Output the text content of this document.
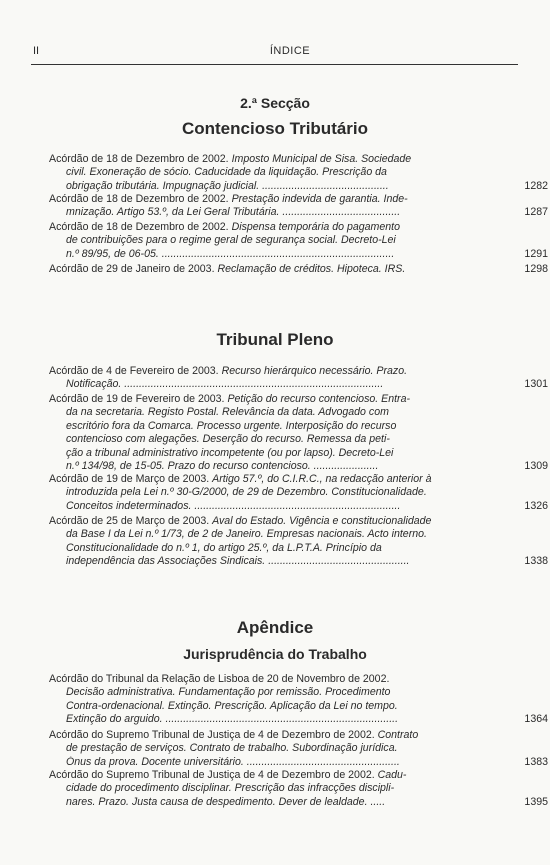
II	ÍNDICE
2.ª Secção
Contencioso Tributário
Tribunal Pleno
Apêndice
Jurisprudência do Trabalho
Acórdão de 18 de Dezembro de 2002. Imposto Municipal de Sisa. Sociedade
civil. Exoneração de sócio. Caducidade da liquidação. Prescrição da
obrigação tributária. Impugnação judicial. ...........................................	1282
Acórdão de 18 de Dezembro de 2002. Prestação indevida de garantia. Inde-
mnização. Artigo 53.º, da Lei Geral Tributária. ........................................	1287
Acórdão de 18 de Dezembro de 2002. Dispensa temporária do pagamento
de contribuições para o regime geral de segurança social. Decreto-Lei
n.º 89/95, de 06-05. ...............................................................................	1291
Acórdão de 29 de Janeiro de 2003. Reclamação de créditos. Hipoteca. IRS.	1298
Acórdão de 4 de Fevereiro de 2003. Recurso hierárquico necessário. Prazo.
Notificação. ........................................................................................	1301
Acórdão de 19 de Fevereiro de 2003. Petição do recurso contencioso. Entra-
da na secretaria. Registo Postal. Relevância da data. Advogado com
escritório fora da Comarca. Processo urgente. Interposição do recurso
contencioso com alegações. Deserção do recurso. Remessa da peti-
ção a tribunal administrativo incompetente (ou por lapso). Decreto-Lei
n.º 134/98, de 15-05. Prazo do recurso contencioso. ......................	1309
Acórdão de 19 de Março de 2003. Artigo 57.º, do C.I.R.C., na redacção anterior à
introduzida pela Lei n.º 30-G/2000, de 29 de Dezembro. Constitucionalidade.
Conceitos indeterminados. ......................................................................	1326
Acórdão de 25 de Março de 2003. Aval do Estado. Vigência e constitucionalidade
da Base I da Lei n.º 1/73, de 2 de Janeiro. Empresas nacionais. Acto interno.
Constitucionalidade do n.º 1, do artigo 25.º, da L.P.T.A. Princípio da
independência das Associações Sindicais. ................................................	1338
Acórdão do Tribunal da Relação de Lisboa de 20 de Novembro de 2002.
Decisão administrativa. Fundamentação por remissão. Procedimento
Contra-ordenacional. Extinção. Prescrição. Aplicação da Lei no tempo.
Extinção do arguido. ...............................................................................	1364
Acórdão do Supremo Tribunal de Justiça de 4 de Dezembro de 2002. Contrato
de prestação de serviços. Contrato de trabalho. Subordinação jurídica.
Ónus da prova. Docente universitário. ....................................................	1383
Acórdão do Supremo Tribunal de Justiça de 4 de Dezembro de 2002. Cadu-
cidade do procedimento disciplinar. Prescrição das infracções discipli-
nares. Prazo. Justa causa de despedimento. Dever de lealdade. .....	1395
